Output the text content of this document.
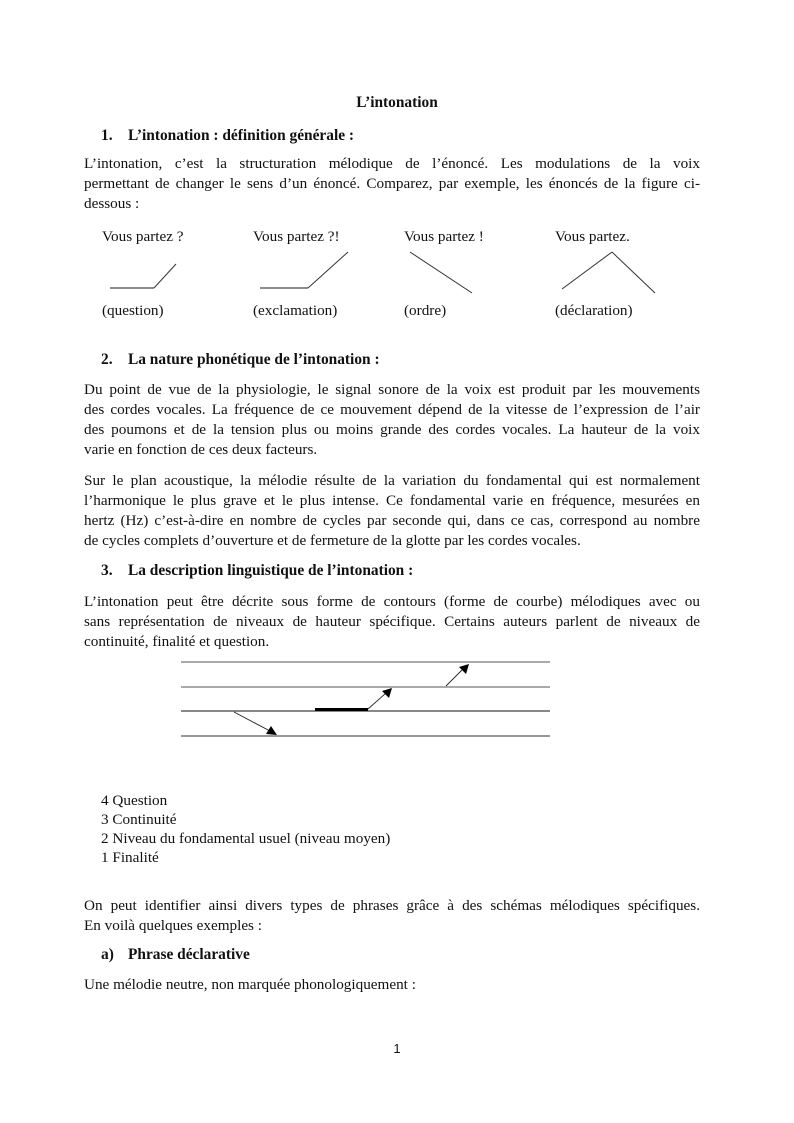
L’intonation
1. L’intonation : définition générale :
L’intonation, c’est la structuration mélodique de l’énoncé. Les modulations de la voix
permettant de changer le sens d’un énoncé. Comparez, par exemple, les énoncés de la figure ci-
dessous :
Vous partez ?	Vous partez ?!	Vous partez !	Vous partez.
(question)	(exclamation)	(ordre)	(déclaration)
2. La nature phonétique de l’intonation :
Du point de vue de la physiologie, le signal sonore de la voix est produit par les mouvements
des cordes vocales. La fréquence de ce mouvement dépend de la vitesse de l’expression de l’air
des poumons et de la tension plus ou moins grande des cordes vocales. La hauteur de la voix
varie en fonction de ces deux facteurs.
Sur le plan acoustique, la mélodie résulte de la variation du fondamental qui est normalement
l’harmonique le plus grave et le plus intense. Ce fondamental varie en fréquence, mesurées en
hertz (Hz) c’est-à-dire en nombre de cycles par seconde qui, dans ce cas, correspond au nombre
de cycles complets d’ouverture et de fermeture de la glotte par les cordes vocales.
3. La description linguistique de l’intonation :
L’intonation peut être décrite sous forme de contours (forme de courbe) mélodiques avec ou
sans représentation de niveaux de hauteur spécifique. Certains auteurs parlent de niveaux de
continuité, finalité et question.
4 Question
3 Continuité
2 Niveau du fondamental usuel (niveau moyen)
1 Finalité
On peut identifier ainsi divers types de phrases grâce à des schémas mélodiques spécifiques.
En voilà quelques exemples :
a) Phrase déclarative
Une mélodie neutre, non marquée phonologiquement :
1
